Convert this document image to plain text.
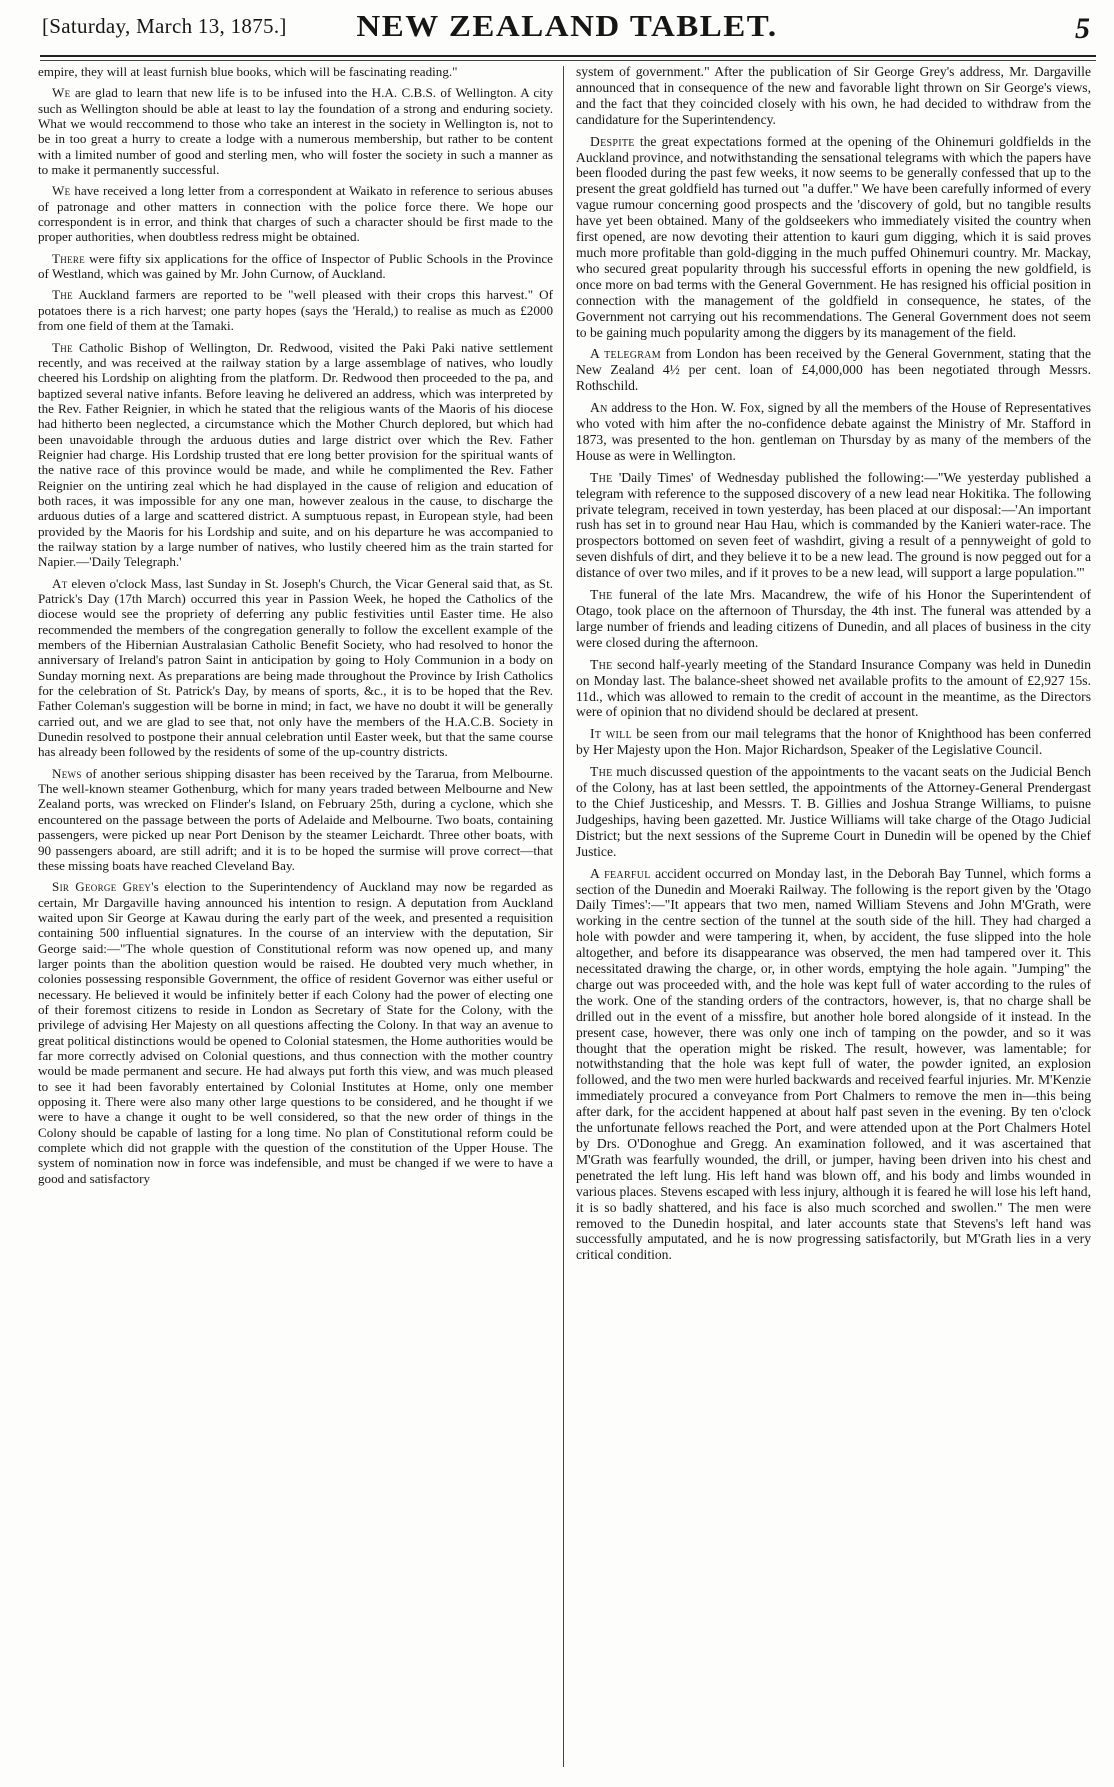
[Saturday, March 13, 1875.]	NEW ZEALAND TABLET.	5

empire, they will at least furnish blue books, which will be fascinating reading."

We are glad to learn that new life is to be infused into the H.A. C.B.S. of Wellington. A city such as Wellington should be able at least to lay the foundation of a strong and enduring society. What we would reccommend to those who take an interest in the society in Wellington is, not to be in too great a hurry to create a lodge with a numerous membership, but rather to be content with a limited number of good and sterling men, who will foster the society in such a manner as to make it permanently successful.

We have received a long letter from a correspondent at Waikato in reference to serious abuses of patronage and other matters in connection with the police force there. We hope our correspondent is in error, and think that charges of such a character should be first made to the proper authorities, when doubtless redress might be obtained.

There were fifty six applications for the office of Inspector of Public Schools in the Province of Westland, which was gained by Mr. John Curnow, of Auckland.

The Auckland farmers are reported to be "well pleased with their crops this harvest." Of potatoes there is a rich harvest; one party hopes (says the 'Herald,) to realise as much as £2000 from one field of them at the Tamaki.

The Catholic Bishop of Wellington, Dr. Redwood, visited the Paki Paki native settlement recently, and was received at the railway station by a large assemblage of natives, who loudly cheered his Lordship on alighting from the platform. Dr. Redwood then proceeded to the pa, and baptized several native infants. Before leaving he delivered an address, which was interpreted by the Rev. Father Reignier, in which he stated that the religious wants of the Maoris of his diocese had hitherto been neglected, a circumstance which the Mother Church deplored, but which had been unavoidable through the arduous duties and large district over which the Rev. Father Reignier had charge. His Lordship trusted that ere long better provision for the spiritual wants of the native race of this province would be made, and while he complimented the Rev. Father Reignier on the untiring zeal which he had displayed in the cause of religion and education of both races, it was impossible for any one man, however zealous in the cause, to discharge the arduous duties of a large and scattered district. A sumptuous repast, in European style, had been provided by the Maoris for his Lordship and suite, and on his departure he was accompanied to the railway station by a large number of natives, who lustily cheered him as the train started for Napier.—'Daily Telegraph.'

At eleven o'clock Mass, last Sunday in St. Joseph's Church, the Vicar General said that, as St. Patrick's Day (17th March) occurred this year in Passion Week, he hoped the Catholics of the diocese would see the propriety of deferring any public festivities until Easter time. He also recommended the members of the congregation generally to follow the excellent example of the members of the Hibernian Australasian Catholic Benefit Society, who had resolved to honor the anniversary of Ireland's patron Saint in anticipation by going to Holy Communion in a body on Sunday morning next. As preparations are being made throughout the Province by Irish Catholics for the celebration of St. Patrick's Day, by means of sports, &c., it is to be hoped that the Rev. Father Coleman's suggestion will be borne in mind; in fact, we have no doubt it will be generally carried out, and we are glad to see that, not only have the members of the H.A.C.B. Society in Dunedin resolved to postpone their annual celebration until Easter week, but that the same course has already been followed by the residents of some of the up-country districts.

News of another serious shipping disaster has been received by the Tararua, from Melbourne. The well-known steamer Gothenburg, which for many years traded between Melbourne and New Zealand ports, was wrecked on Flinder's Island, on February 25th, during a cyclone, which she encountered on the passage between the ports of Adelaide and Melbourne. Two boats, containing passengers, were picked up near Port Denison by the steamer Leichardt. Three other boats, with 90 passengers aboard, are still adrift; and it is to be hoped the surmise will prove correct—that these missing boats have reached Cleveland Bay.

Sir George Grey's election to the Superintendency of Auckland may now be regarded as certain, Mr Dargaville having announced his intention to resign. A deputation from Auckland waited upon Sir George at Kawau during the early part of the week, and presented a requisition containing 500 influential signatures. In the course of an interview with the deputation, Sir George said:—"The whole question of Constitutional reform was now opened up, and many larger points than the abolition question would be raised. He doubted very much whether, in colonies possessing responsible Government, the office of resident Governor was either useful or necessary. He believed it would be infinitely better if each Colony had the power of electing one of their foremost citizens to reside in London as Secretary of State for the Colony, with the privilege of advising Her Majesty on all questions affecting the Colony. In that way an avenue to great political distinctions would be opened to Colonial statesmen, the Home authorities would be far more correctly advised on Colonial questions, and thus connection with the mother country would be made permanent and secure. He had always put forth this view, and was much pleased to see it had been favorably entertained by Colonial Institutes at Home, only one member opposing it. There were also many other large questions to be considered, and he thought if we were to have a change it ought to be well considered, so that the new order of things in the Colony should be capable of lasting for a long time. No plan of Constitutional reform could be complete which did not grapple with the question of the constitution of the Upper House. The system of nomination now in force was indefensible, and must be changed if we were to have a good and satisfactory

system of government." After the publication of Sir George Grey's address, Mr. Dargaville announced that in consequence of the new and favorable light thrown on Sir George's views, and the fact that they coincided closely with his own, he had decided to withdraw from the candidature for the Superintendency.

Despite the great expectations formed at the opening of the Ohinemuri goldfields in the Auckland province, and notwithstanding the sensational telegrams with which the papers have been flooded during the past few weeks, it now seems to be generally confessed that up to the present the great goldfield has turned out "a duffer." We have been carefully informed of every vague rumour concerning good prospects and the 'discovery of gold, but no tangible results have yet been obtained. Many of the goldseekers who immediately visited the country when first opened, are now devoting their attention to kauri gum digging, which it is said proves much more profitable than gold-digging in the much puffed Ohinemuri country. Mr. Mackay, who secured great popularity through his successful efforts in opening the new goldfield, is once more on bad terms with the General Government. He has resigned his official position in connection with the management of the goldfield in consequence, he states, of the Government not carrying out his recommendations. The General Government does not seem to be gaining much popularity among the diggers by its management of the field.

A telegram from London has been received by the General Government, stating that the New Zealand 4½ per cent. loan of £4,000,000 has been negotiated through Messrs. Rothschild.

An address to the Hon. W. Fox, signed by all the members of the House of Representatives who voted with him after the no-confidence debate against the Ministry of Mr. Stafford in 1873, was presented to the hon. gentleman on Thursday by as many of the members of the House as were in Wellington.

The 'Daily Times' of Wednesday published the following:—"We yesterday published a telegram with reference to the supposed discovery of a new lead near Hokitika. The following private telegram, received in town yesterday, has been placed at our disposal:—'An important rush has set in to ground near Hau Hau, which is commanded by the Kanieri water-race. The prospectors bottomed on seven feet of washdirt, giving a result of a pennyweight of gold to seven dishfuls of dirt, and they believe it to be a new lead. The ground is now pegged out for a distance of over two miles, and if it proves to be a new lead, will support a large population.'"

The funeral of the late Mrs. Macandrew, the wife of his Honor the Superintendent of Otago, took place on the afternoon of Thursday, the 4th inst. The funeral was attended by a large number of friends and leading citizens of Dunedin, and all places of business in the city were closed during the afternoon.

The second half-yearly meeting of the Standard Insurance Company was held in Dunedin on Monday last. The balance-sheet showed net available profits to the amount of £2,927 15s. 11d., which was allowed to remain to the credit of account in the meantime, as the Directors were of opinion that no dividend should be declared at present.

It will be seen from our mail telegrams that the honor of Knighthood has been conferred by Her Majesty upon the Hon. Major Richardson, Speaker of the Legislative Council.

The much discussed question of the appointments to the vacant seats on the Judicial Bench of the Colony, has at last been settled, the appointments of the Attorney-General Prendergast to the Chief Justiceship, and Messrs. T. B. Gillies and Joshua Strange Williams, to puisne Judgeships, having been gazetted. Mr. Justice Williams will take charge of the Otago Judicial District; but the next sessions of the Supreme Court in Dunedin will be opened by the Chief Justice.

A fearful accident occurred on Monday last, in the Deborah Bay Tunnel, which forms a section of the Dunedin and Moeraki Railway. The following is the report given by the 'Otago Daily Times':—"It appears that two men, named William Stevens and John M'Grath, were working in the centre section of the tunnel at the south side of the hill. They had charged a hole with powder and were tampering it, when, by accident, the fuse slipped into the hole altogether, and before its disappearance was observed, the men had tampered over it. This necessitated drawing the charge, or, in other words, emptying the hole again. "Jumping" the charge out was proceeded with, and the hole was kept full of water according to the rules of the work. One of the standing orders of the contractors, however, is, that no charge shall be drilled out in the event of a missfire, but another hole bored alongside of it instead. In the present case, however, there was only one inch of tamping on the powder, and so it was thought that the operation might be risked. The result, however, was lamentable; for notwithstanding that the hole was kept full of water, the powder ignited, an explosion followed, and the two men were hurled backwards and received fearful injuries. Mr. M'Kenzie immediately procured a conveyance from Port Chalmers to remove the men in—this being after dark, for the accident happened at about half past seven in the evening. By ten o'clock the unfortunate fellows reached the Port, and were attended upon at the Port Chalmers Hotel by Drs. O'Donoghue and Gregg. An examination followed, and it was ascertained that M'Grath was fearfully wounded, the drill, or jumper, having been driven into his chest and penetrated the left lung. His left hand was blown off, and his body and limbs wounded in various places. Stevens escaped with less injury, although it is feared he will lose his left hand, it is so badly shattered, and his face is also much scorched and swollen." The men were removed to the Dunedin hospital, and later accounts state that Stevens's left hand was successfully amputated, and he is now progressing satisfactorily, but M'Grath lies in a very critical condition.
